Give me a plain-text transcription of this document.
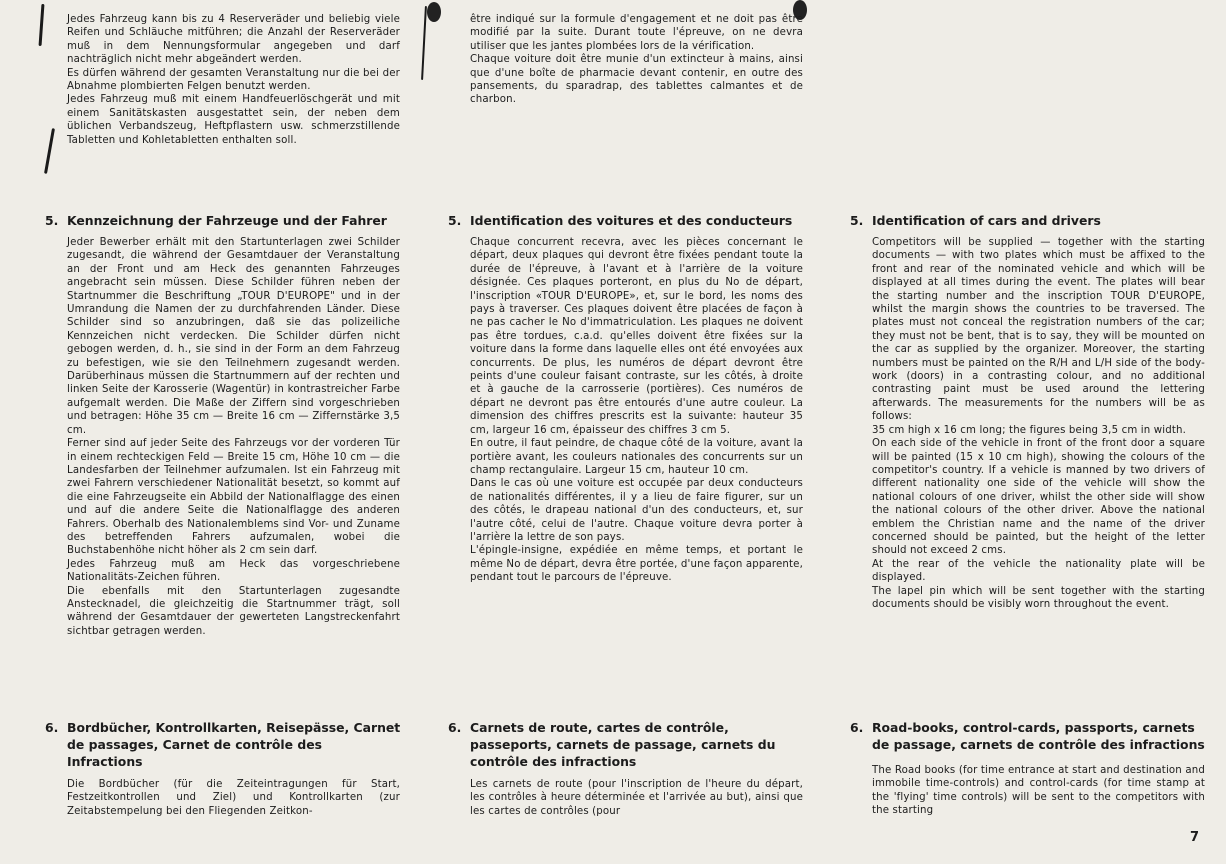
Jedes Fahrzeug kann bis zu 4 Reserveräder und beliebig viele Reifen und Schläuche mitführen; die Anzahl der Reserveräder muß in dem Nennungsformular angegeben und darf nachträglich nicht mehr abgeändert werden.

Es dürfen während der gesamten Veranstaltung nur die bei der Abnahme plombierten Felgen benutzt werden.

Jedes Fahrzeug muß mit einem Handfeuerlöschgerät und mit einem Sanitätskasten ausgestattet sein, der neben dem üblichen Verbandszeug, Heftpflastern usw. schmerzstillende Tabletten und Kohletabletten enthalten soll.

5. Kennzeichnung der Fahrzeuge und der Fahrer

Jeder Bewerber erhält mit den Startunterlagen zwei Schilder zugesandt, die während der Gesamtdauer der Veranstaltung an der Front und am Heck des genannten Fahrzeuges angebracht sein müssen. Diese Schilder führen neben der Startnummer die Beschriftung „TOUR D'EUROPE" und in der Umrandung die Namen der zu durchfahrenden Länder. Diese Schilder sind so anzubringen, daß sie das polizeiliche Kennzeichen nicht verdecken. Die Schilder dürfen nicht gebogen werden, d. h., sie sind in der Form an dem Fahrzeug zu befestigen, wie sie den Teilnehmern zugesandt werden. Darüberhinaus müssen die Startnummern auf der rechten und linken Seite der Karosserie (Wagentür) in kontrastreicher Farbe aufgemalt werden. Die Maße der Ziffern sind vorgeschrieben und betragen: Höhe 35 cm — Breite 16 cm — Ziffernstärke 3,5 cm.

Ferner sind auf jeder Seite des Fahrzeugs vor der vorderen Tür in einem rechteckigen Feld — Breite 15 cm, Höhe 10 cm — die Landesfarben der Teilnehmer aufzumalen. Ist ein Fahrzeug mit zwei Fahrern verschiedener Nationalität besetzt, so kommt auf die eine Fahrzeugseite ein Abbild der Nationalflagge des einen und auf die andere Seite die Nationalflagge des anderen Fahrers. Oberhalb des Nationalemblems sind Vor- und Zuname des betreffenden Fahrers aufzumalen, wobei die Buchstabenhöhe nicht höher als 2 cm sein darf.

Jedes Fahrzeug muß am Heck das vorgeschriebene Nationalitäts-Zeichen führen.

Die ebenfalls mit den Startunterlagen zugesandte Anstecknadel, die gleichzeitig die Startnummer trägt, soll während der Gesamtdauer der gewerteten Langstreckenfahrt sichtbar getragen werden.

6. Bordbücher, Kontrollkarten, Reisepässe, Carnet de passages, Carnet de contrôle des Infractions

Die Bordbücher (für die Zeiteintragungen für Start, Festzeitkontrollen und Ziel) und Kontrollkarten (zur Zeitabstempelung bei den Fliegenden Zeitkon-

être indiqué sur la formule d'engagement et ne doit pas être modifié par la suite. Durant toute l'épreuve, on ne devra utiliser que les jantes plombées lors de la vérification.

Chaque voiture doit être munie d'un extincteur à mains, ainsi que d'une boîte de pharmacie devant contenir, en outre des pansements, du sparadrap, des tablettes calmantes et de charbon.

5. Identification des voitures et des conducteurs

Chaque concurrent recevra, avec les pièces concernant le départ, deux plaques qui devront être fixées pendant toute la durée de l'épreuve, à l'avant et à l'arrière de la voiture désignée. Ces plaques porteront, en plus du No de départ, l'inscription «TOUR D'EUROPE», et, sur le bord, les noms des pays à traverser. Ces plaques doivent être placées de façon à ne pas cacher le No d'immatriculation. Les plaques ne doivent pas être tordues, c.a.d. qu'elles doivent être fixées sur la voiture dans la forme dans laquelle elles ont été envoyées aux concurrents. De plus, les numéros de départ devront être peints d'une couleur faisant contraste, sur les côtés, à droite et à gauche de la carrosserie (portières). Ces numéros de départ ne devront pas être entourés d'une autre couleur. La dimension des chiffres prescrits est la suivante: hauteur 35 cm, largeur 16 cm, épaisseur des chiffres 3 cm 5.

En outre, il faut peindre, de chaque côté de la voiture, avant la portière avant, les couleurs nationales des concurrents sur un champ rectangulaire. Largeur 15 cm, hauteur 10 cm.

Dans le cas où une voiture est occupée par deux conducteurs de nationalités différentes, il y a lieu de faire figurer, sur un des côtés, le drapeau national d'un des conducteurs, et, sur l'autre côté, celui de l'autre. Chaque voiture devra porter à l'arrière la lettre de son pays.

L'épingle-insigne, expédiée en même temps, et portant le même No de départ, devra être portée, d'une façon apparente, pendant tout le parcours de l'épreuve.

6. Carnets de route, cartes de contrôle, passeports, carnets de passage, carnets du contrôle des infractions

Les carnets de route (pour l'inscription de l'heure du départ, les contrôles à heure déterminée et l'arrivée au but), ainsi que les cartes de contrôles (pour

5. Identification of cars and drivers

Competitors will be supplied — together with the starting documents — with two plates which must be affixed to the front and rear of the nominated vehicle and which will be displayed at all times during the event. The plates will bear the starting number and the inscription TOUR D'EUROPE, whilst the margin shows the countries to be traversed. The plates must not conceal the registration numbers of the car; they must not be bent, that is to say, they will be mounted on the car as supplied by the organizer. Moreover, the starting numbers must be painted on the R/H and L/H side of the body-work (doors) in a contrasting colour, and no additional contrasting paint must be used around the lettering afterwards. The measurements for the numbers will be as follows:

35 cm high x 16 cm long; the figures being 3,5 cm in width.

On each side of the vehicle in front of the front door a square will be painted (15 x 10 cm high), showing the colours of the competitor's country. If a vehicle is manned by two drivers of different nationality one side of the vehicle will show the national colours of one driver, whilst the other side will show the national colours of the other driver. Above the national emblem the Christian name and the name of the driver concerned should be painted, but the height of the letter should not exceed 2 cms.

At the rear of the vehicle the nationality plate will be displayed.

The lapel pin which will be sent together with the starting documents should be visibly worn throughout the event.

6. Road-books, control-cards, passports, carnets de passage, carnets de contrôle des infractions

The Road books (for time entrance at start and destination and immobile time-controls) and control-cards (for time stamp at the 'flying' time controls) will be sent to the competitors with the starting

7
